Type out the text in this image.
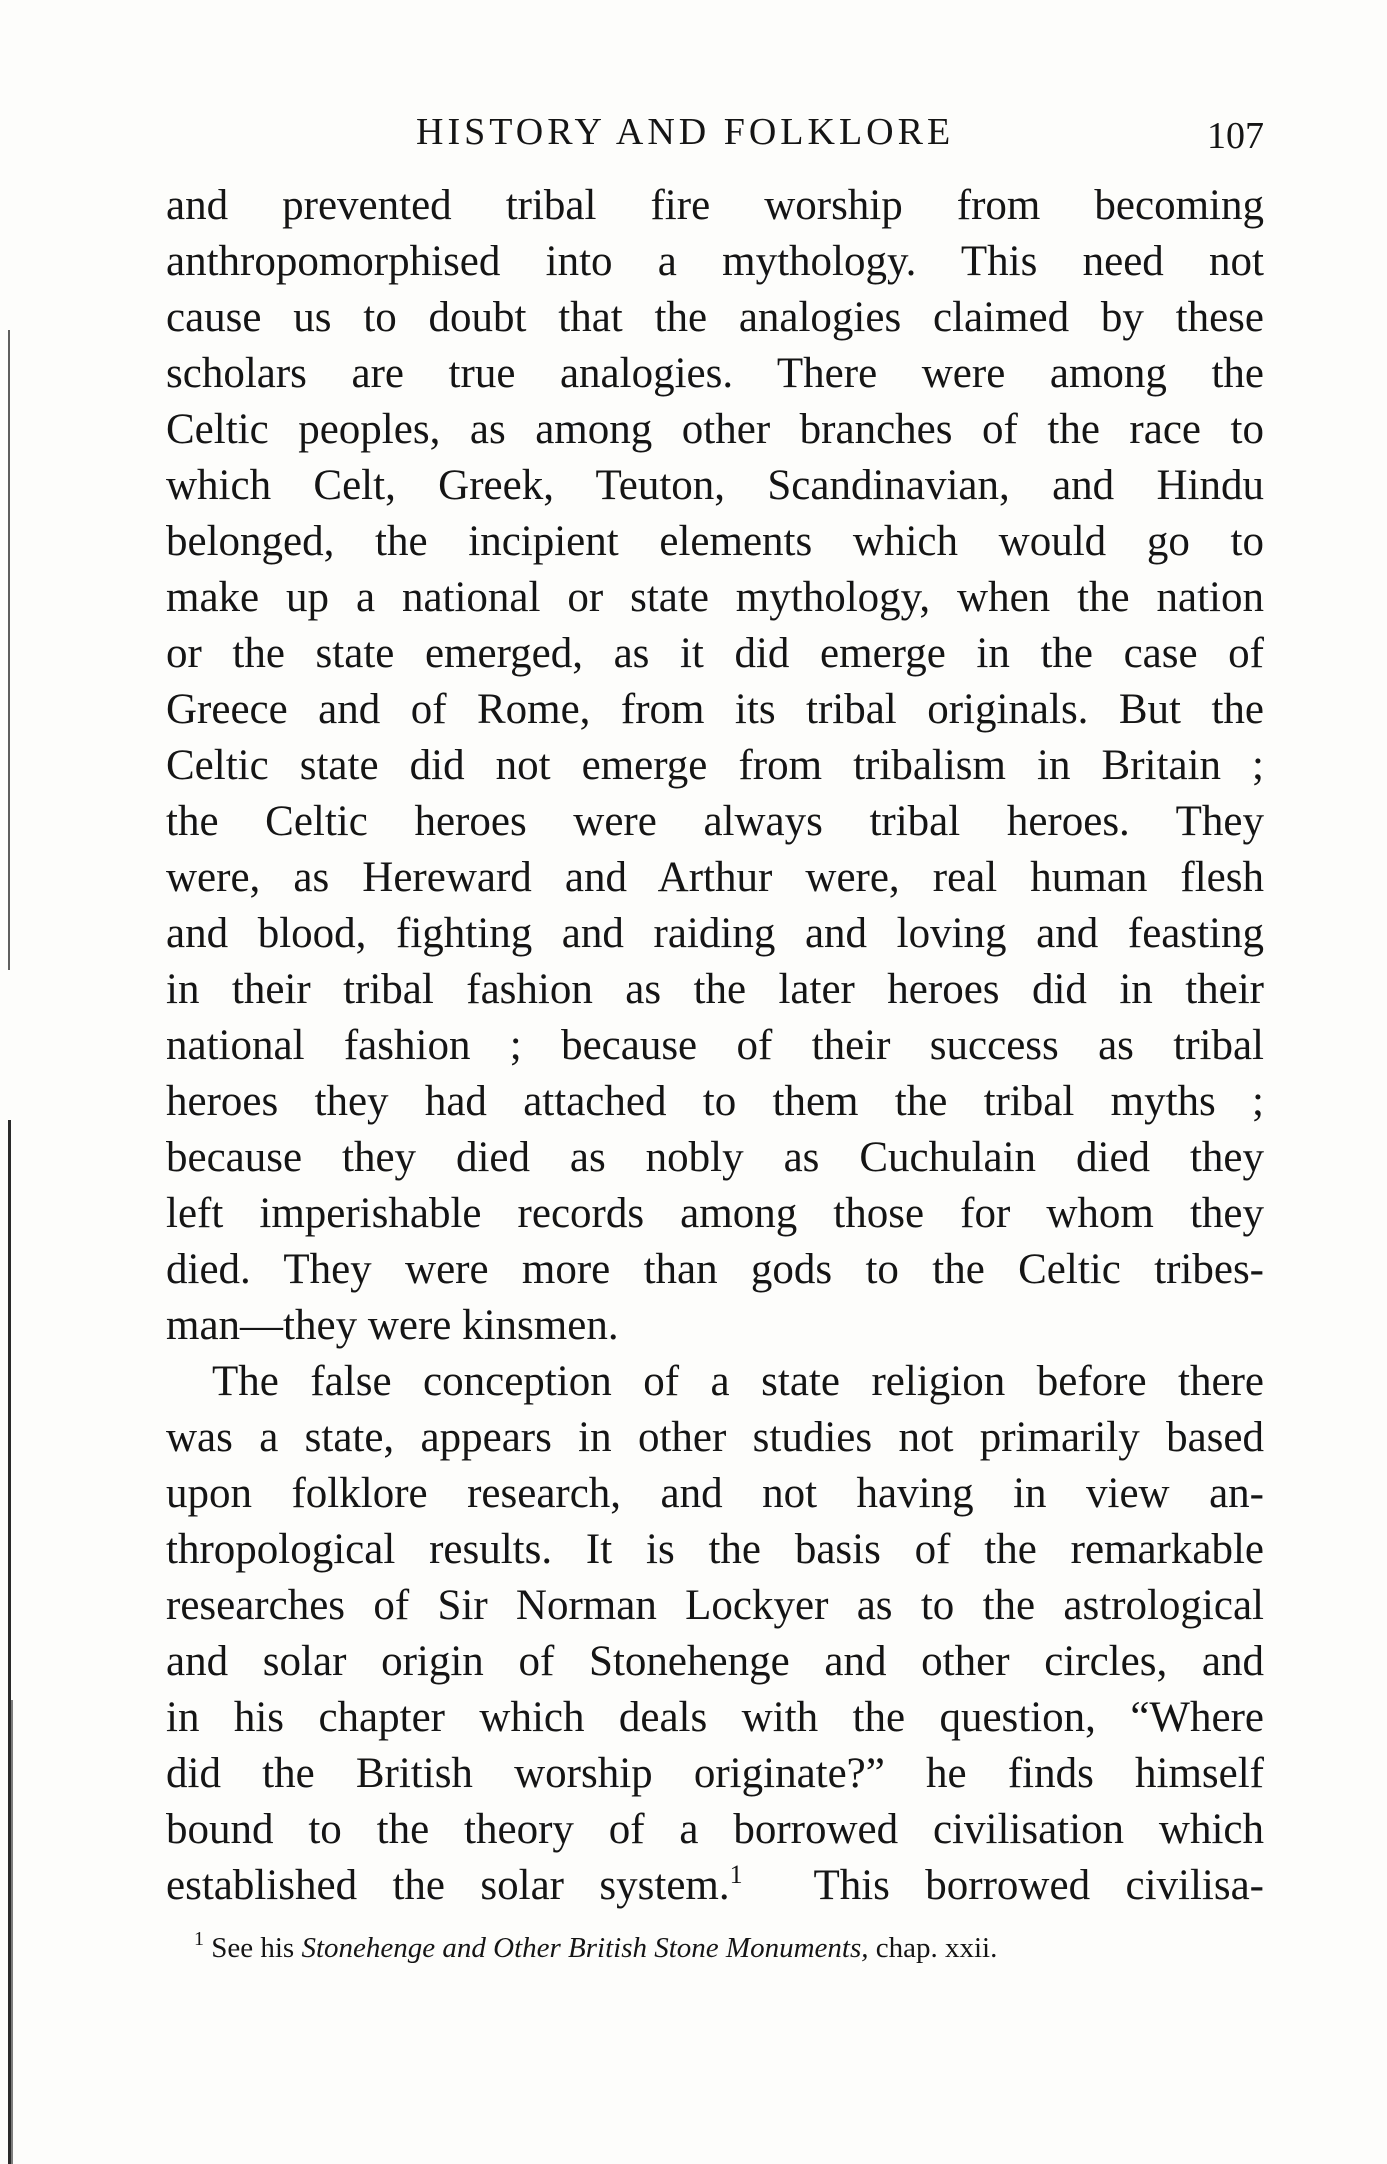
HISTORY AND FOLKLORE	107
and prevented tribal fire worship from becoming
anthropomorphised into a mythology. This need not
cause us to doubt that the analogies claimed by these
scholars are true analogies. There were among the
Celtic peoples, as among other branches of the race to
which Celt, Greek, Teuton, Scandinavian, and Hindu
belonged, the incipient elements which would go to
make up a national or state mythology, when the nation
or the state emerged, as it did emerge in the case of
Greece and of Rome, from its tribal originals. But the
Celtic state did not emerge from tribalism in Britain ;
the Celtic heroes were always tribal heroes. They
were, as Hereward and Arthur were, real human flesh
and blood, fighting and raiding and loving and feasting
in their tribal fashion as the later heroes did in their
national fashion ; because of their success as tribal
heroes they had attached to them the tribal myths ;
because they died as nobly as Cuchulain died they
left imperishable records among those for whom they
died. They were more than gods to the Celtic tribes-
man—they were kinsmen.
The false conception of a state religion before there
was a state, appears in other studies not primarily based
upon folklore research, and not having in view an-
thropological results. It is the basis of the remarkable
researches of Sir Norman Lockyer as to the astrological
and solar origin of Stonehenge and other circles, and
in his chapter which deals with the question, “Where
did the British worship originate?” he finds himself
bound to the theory of a borrowed civilisation which
established the solar system.$^1$ This borrowed civilisa-
$^1$ See his Stonehenge and Other British Stone Monuments, chap. xxii.
